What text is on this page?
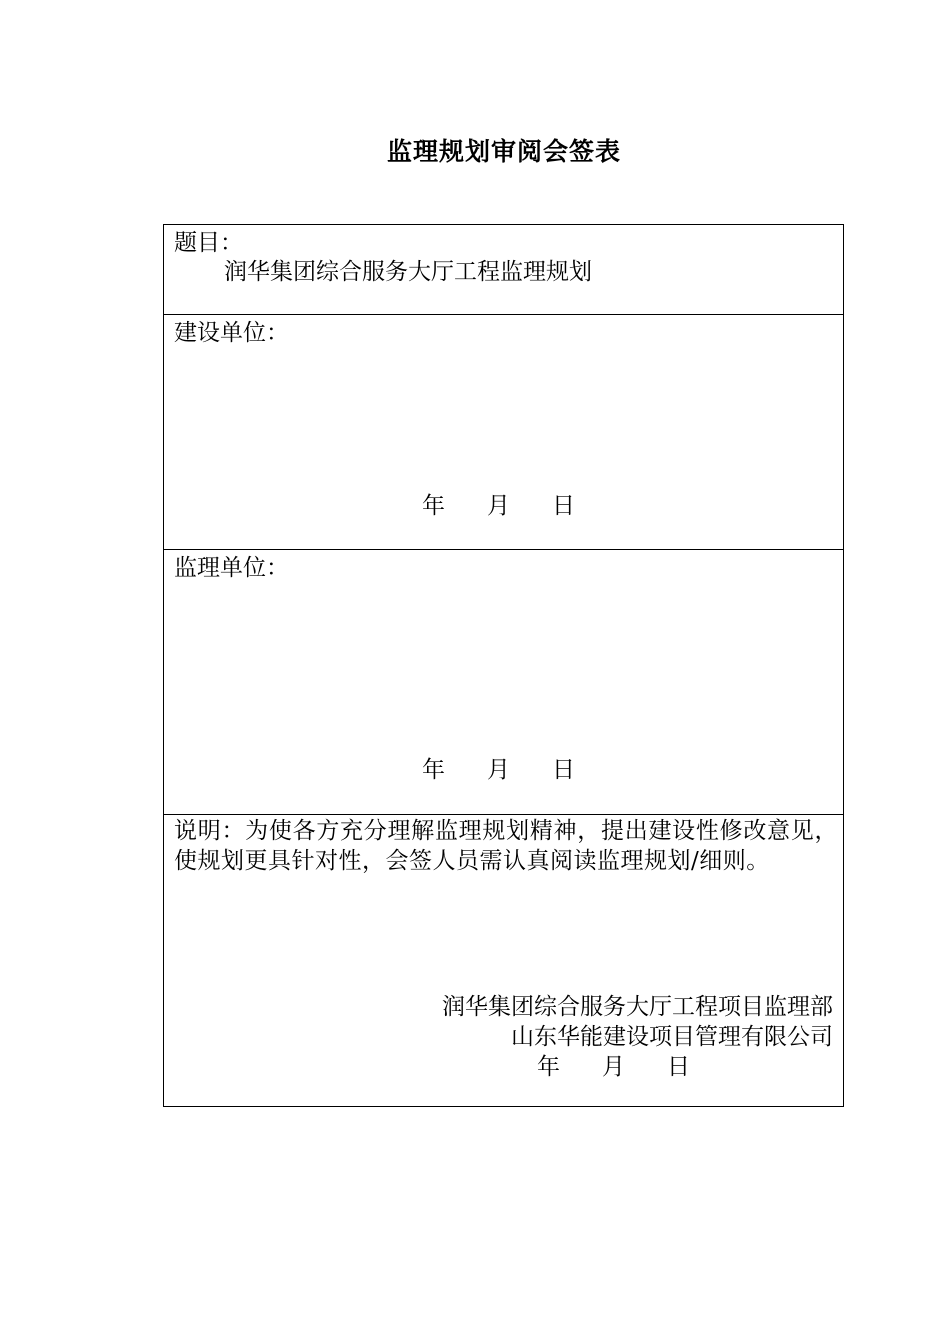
监理规划审阅会签表
题目：
润华集团综合服务大厅工程监理规划
建设单位：
年 月 日
监理单位：
年 月 日
说明：为使各方充分理解监理规划精神，提出建设性修改意见，使规划更具针对性，会签人员需认真阅读监理规划/细则。
润华集团综合服务大厅工程项目监理部
山东华能建设项目管理有限公司
年 月 日
